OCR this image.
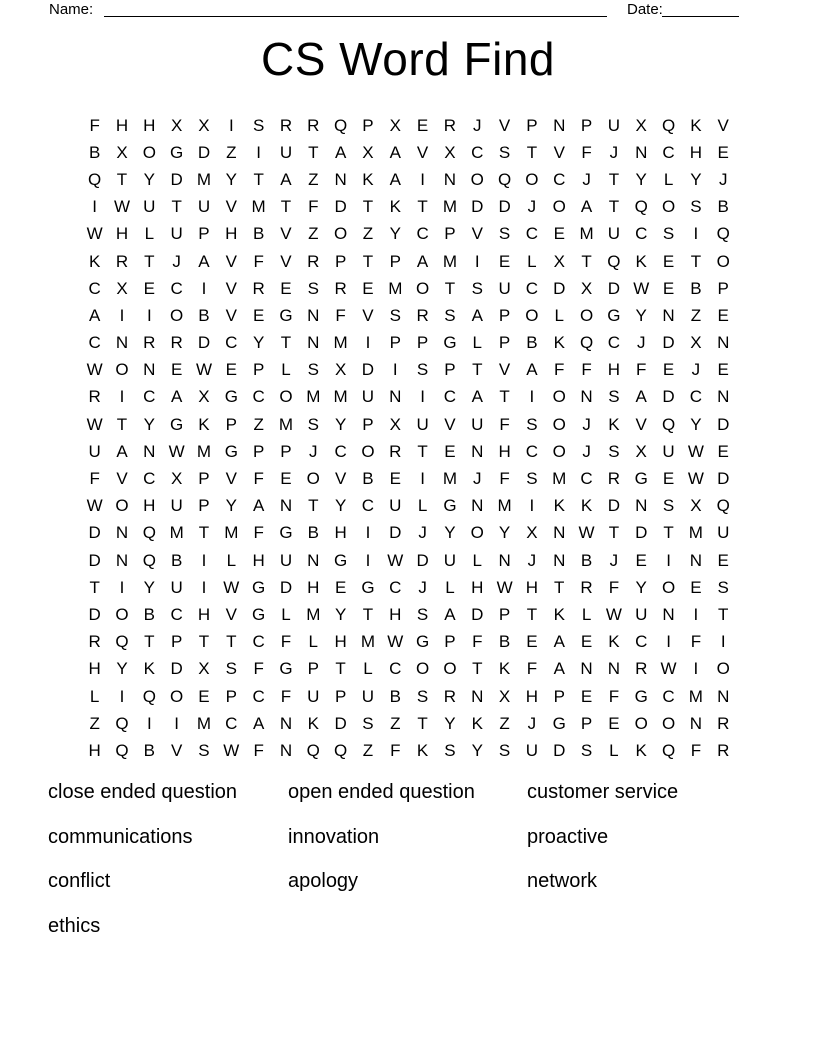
Name:	Date:
CS Word Find
F H H X X	I	S R R Q P X E R J	V P N P U X Q K V
B X O G D Z	I	U T A X A V X C S T V F	J N C H E
Q T Y D M Y T A Z N K A	I	N O Q O C J	T Y L Y	J
I W U T U V M T F D T K T M D D J O A T Q O S B
W H L U P H B V Z O Z Y C P V S C E M U C S	I	Q
K R T	J	A V F V R P T P A M	I	E L X T Q K E T O
C X E C	I	V R E S R E M O T S U C D X D W E B P
A	I	I	O B V E G N F V S R S A P O L O G Y N Z E
C N R R D C Y T N M	I	P P G L P B K Q C J D X N
W O N E W E P L S X D	I	S P T V A F F H F E	J	E
R	I	C A X G C O M M U N	I	C A T	I	O N S A D C N
W T Y G K P Z M S Y P X U V U F S O J	K V Q Y D
U A N W M G P P	J C O R T E N H C O J	S X U W E
F V C X P V F E O V B E	I	M J	F S M C R G E W D
W O H U P Y A N T Y C U L G N M	I	K K D N S X Q
D N Q M T M F G B H	I	D J	Y O Y X N W T D T M U
D N Q B	I	L H U N G	I W D U L N J N B	J	E	I	N E
T	I	Y U	I W G D H E G C J	L H W H T R F Y O E S
D O B C H V G L M Y T H S A D P T K L W U N	I	T
R Q T P T T C F	L H M W G P F B E A E K C	I	F	I
H Y K D X S F G P T	L C O O T K F A N N R W I	O
L	I	Q O E P C F U P U B S R N X H P E F G C M N
Z Q	I	I	M C A N K D S Z T Y K Z	J G P E O O N R
H Q B V S W F N Q Q Z F K S Y S U D S L K Q F R
close ended question
communications
conflict
ethics
open ended question
innovation
apology
customer service
proactive
network
